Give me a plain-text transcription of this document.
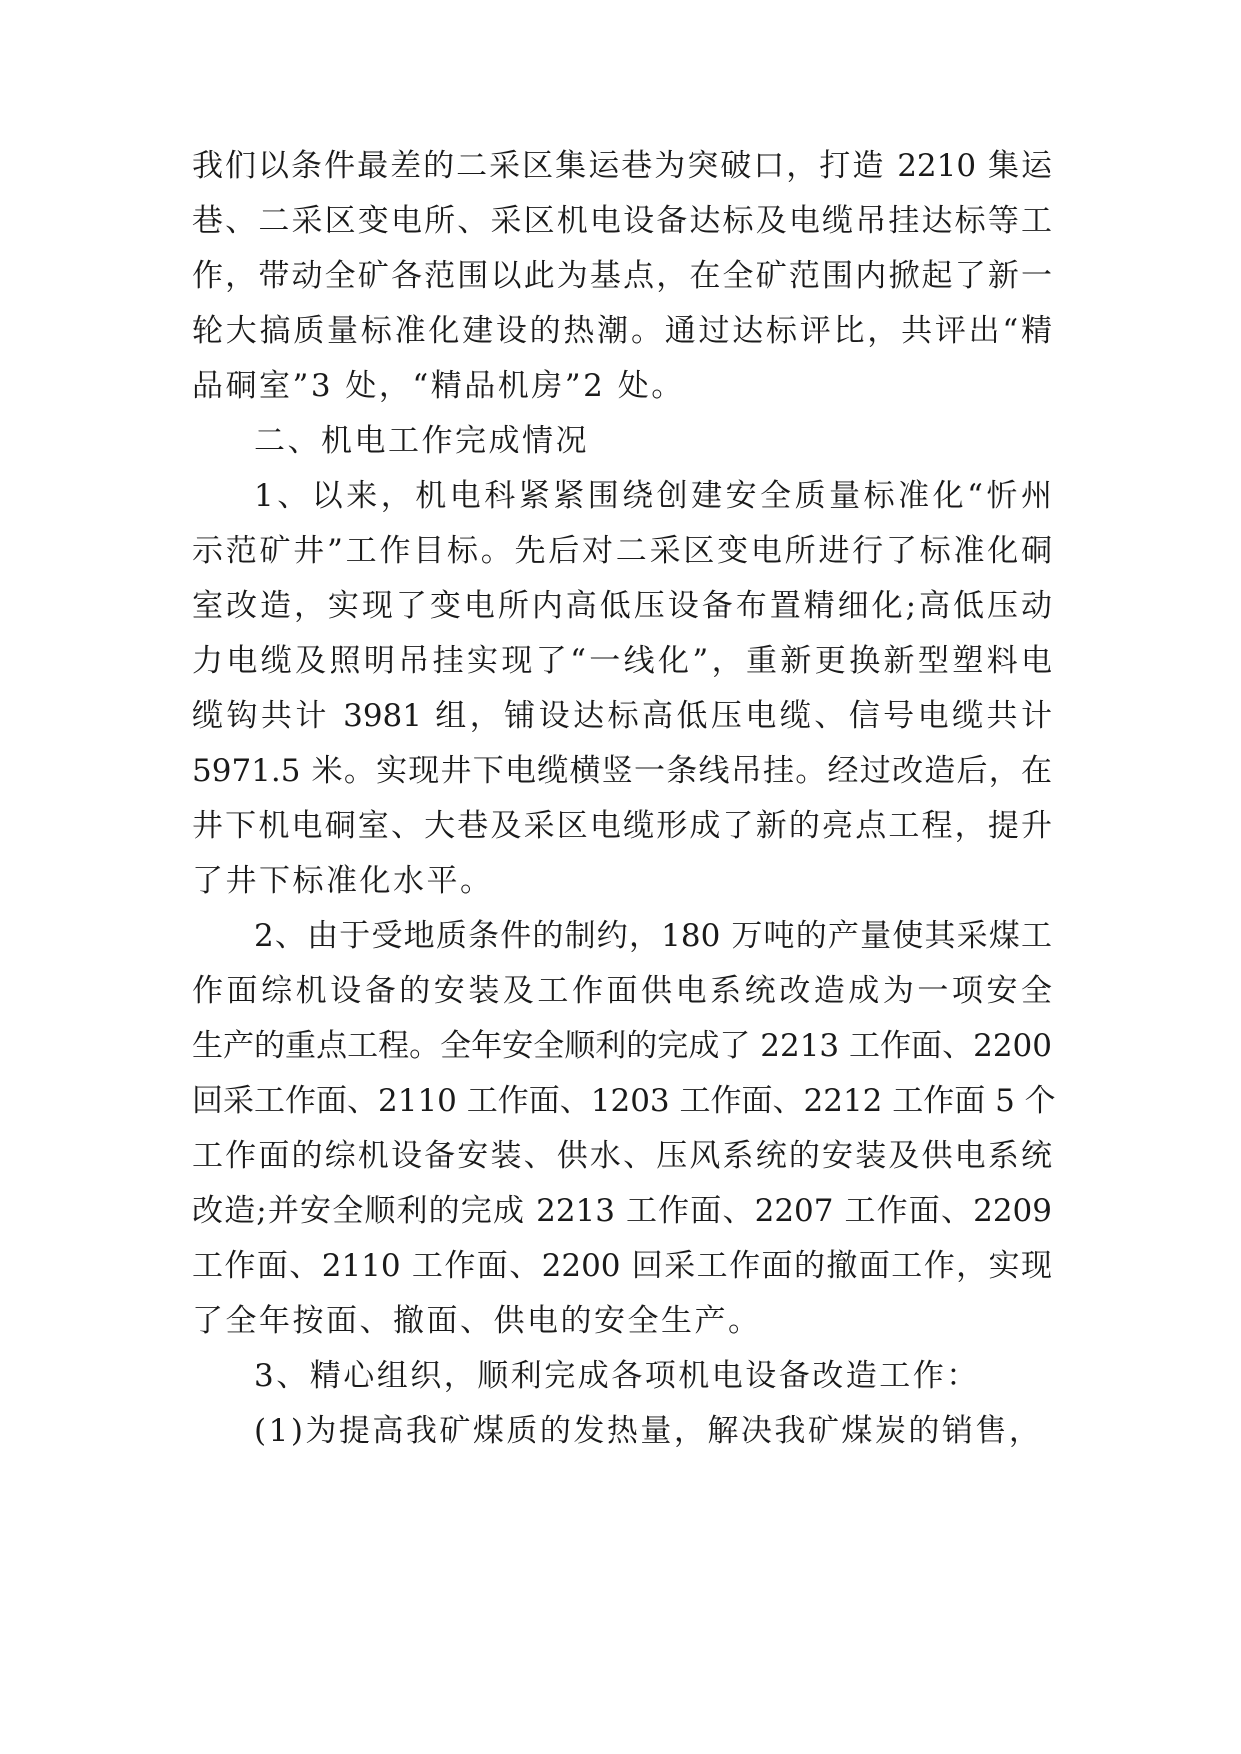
我们以条件最差的二采区集运巷为突破口，打造 2210 集运
巷、二采区变电所、采区机电设备达标及电缆吊挂达标等工
作，带动全矿各范围以此为基点，在全矿范围内掀起了新一
轮大搞质量标准化建设的热潮。通过达标评比，共评出“精
品硐室”3 处，“精品机房”2 处。
二、机电工作完成情况
1、以来，机电科紧紧围绕创建安全质量标准化“忻州
示范矿井”工作目标。先后对二采区变电所进行了标准化硐
室改造，实现了变电所内高低压设备布置精细化;高低压动
力电缆及照明吊挂实现了“一线化”，重新更换新型塑料电
缆钩共计 3981 组，铺设达标高低压电缆、信号电缆共计
5971.5 米。实现井下电缆横竖一条线吊挂。经过改造后，在
井下机电硐室、大巷及采区电缆形成了新的亮点工程，提升
了井下标准化水平。
2、由于受地质条件的制约，180 万吨的产量使其采煤工
作面综机设备的安装及工作面供电系统改造成为一项安全
生产的重点工程。全年安全顺利的完成了 2213 工作面、2200
回采工作面、2110 工作面、1203 工作面、2212 工作面 5 个
工作面的综机设备安装、供水、压风系统的安装及供电系统
改造;并安全顺利的完成 2213 工作面、2207 工作面、2209
工作面、2110 工作面、2200 回采工作面的撤面工作，实现
了全年按面、撤面、供电的安全生产。
3、精心组织，顺利完成各项机电设备改造工作：
(1)为提高我矿煤质的发热量，解决我矿煤炭的销售，
